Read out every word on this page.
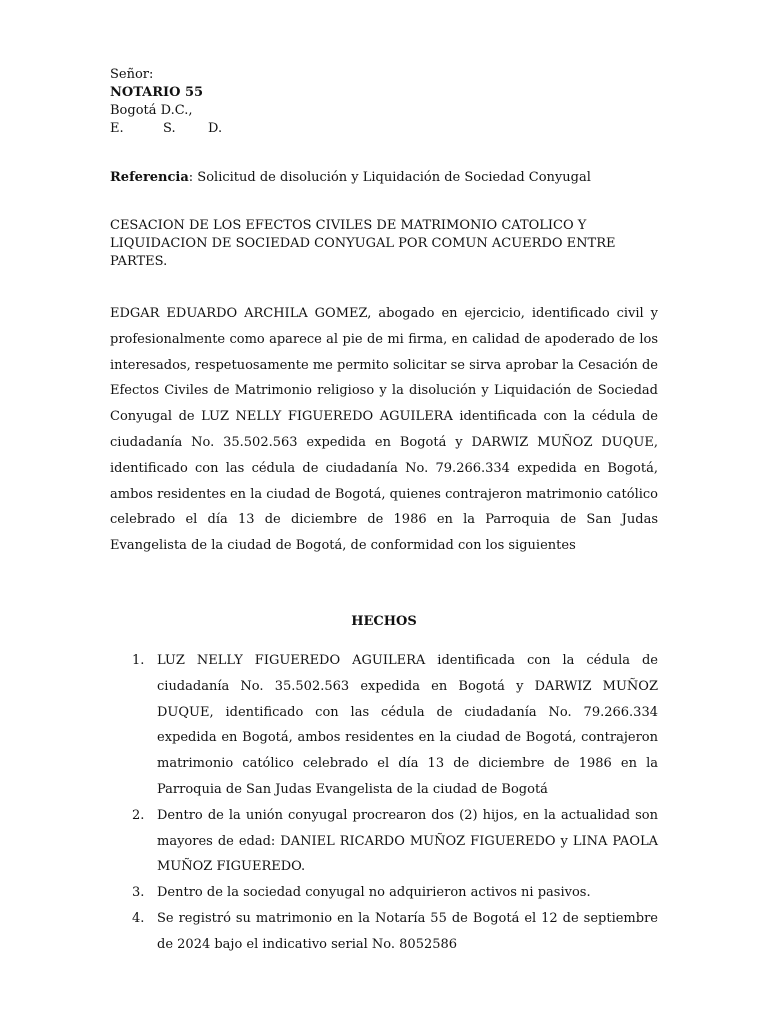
Señor:
NOTARIO 55
Bogotá D.C.,
E.	S. D.
Referencia: Solicitud de disolución y Liquidación de Sociedad Conyugal
CESACION DE LOS EFECTOS CIVILES DE MATRIMONIO CATOLICO Y LIQUIDACION DE SOCIEDAD CONYUGAL POR COMUN ACUERDO ENTRE PARTES.
EDGAR EDUARDO ARCHILA GOMEZ, abogado en ejercicio, identificado civil y profesionalmente como aparece al pie de mi firma, en calidad de apoderado de los interesados, respetuosamente me permito solicitar se sirva aprobar la Cesación de Efectos Civiles de Matrimonio religioso y la disolución y Liquidación de Sociedad Conyugal de LUZ NELLY FIGUEREDO AGUILERA identificada con la cédula de ciudadanía No. 35.502.563 expedida en Bogotá y DARWIZ MUÑOZ DUQUE, identificado con las cédula de ciudadanía No. 79.266.334 expedida en Bogotá, ambos residentes en la ciudad de Bogotá, quienes contrajeron matrimonio católico celebrado el día 13 de diciembre de 1986 en la Parroquia de San Judas Evangelista de la ciudad de Bogotá, de conformidad con los siguientes
HECHOS
1. LUZ NELLY FIGUEREDO AGUILERA identificada con la cédula de ciudadanía No. 35.502.563 expedida en Bogotá y DARWIZ MUÑOZ DUQUE, identificado con las cédula de ciudadanía No. 79.266.334 expedida en Bogotá, ambos residentes en la ciudad de Bogotá, contrajeron matrimonio católico celebrado el día 13 de diciembre de 1986 en la Parroquia de San Judas Evangelista de la ciudad de Bogotá
2. Dentro de la unión conyugal procrearon dos (2) hijos, en la actualidad son mayores de edad: DANIEL RICARDO MUÑOZ FIGUEREDO y LINA PAOLA MUÑOZ FIGUEREDO.
3. Dentro de la sociedad conyugal no adquirieron activos ni pasivos.
4. Se registró su matrimonio en la Notaría 55 de Bogotá el 12 de septiembre de 2024 bajo el indicativo serial No. 8052586
